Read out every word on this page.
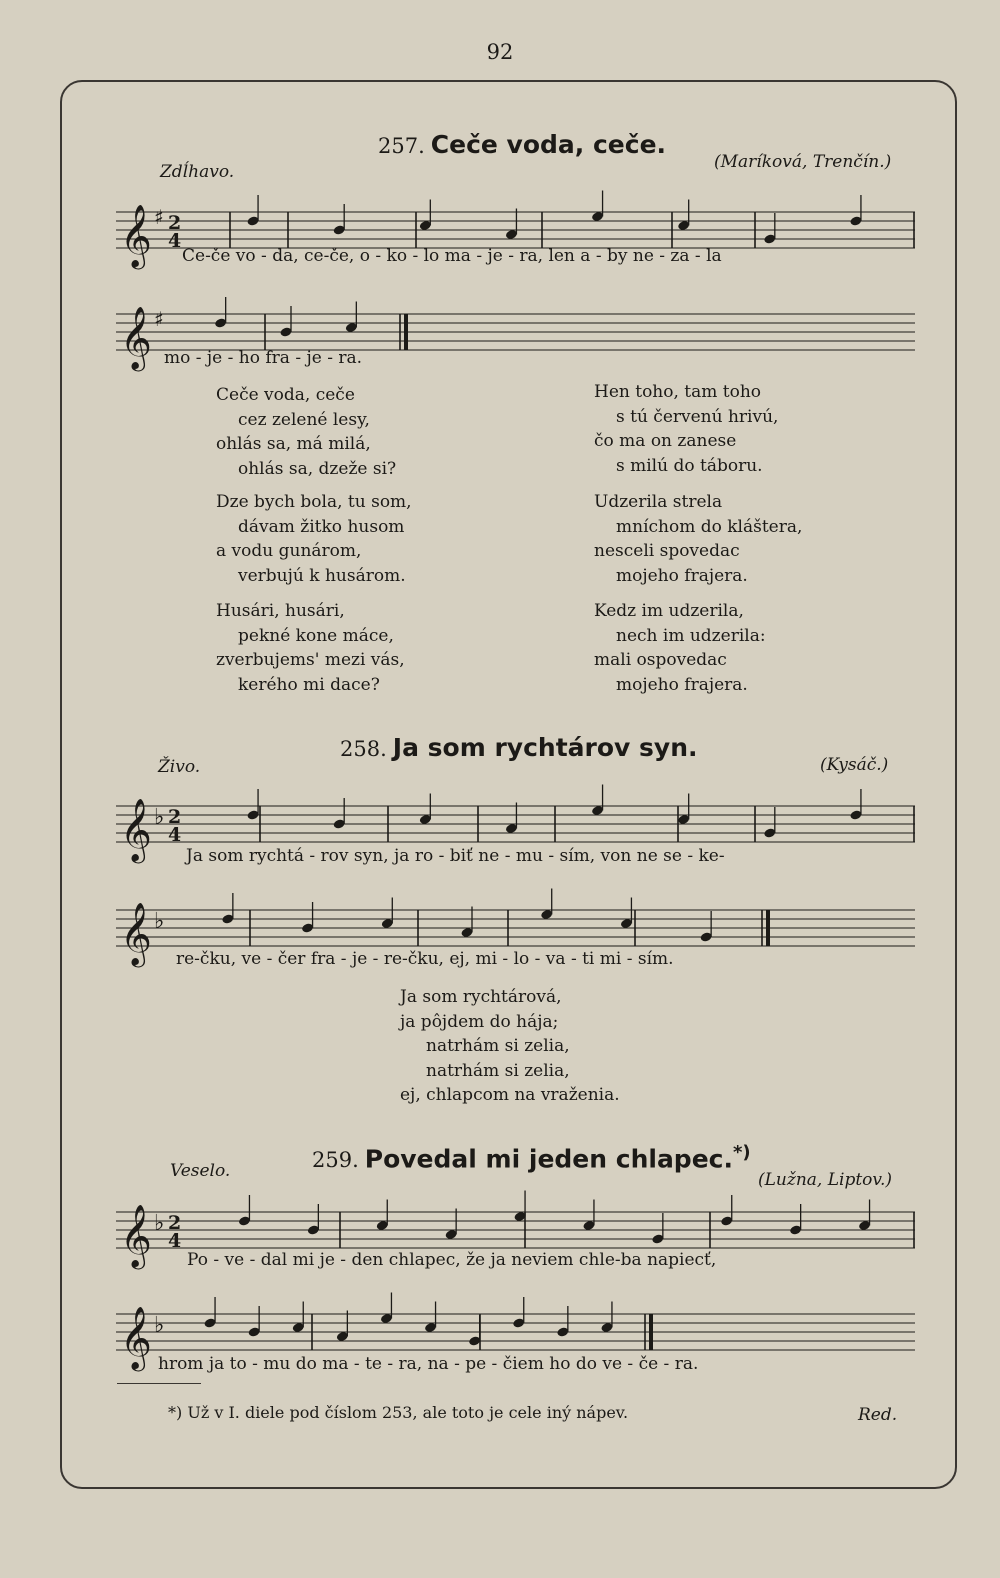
92
257. Ceče voda, ceče.
Zdĺhavo.	(Maríková, Trenčín.)
𝄞 ♯ 2
4
Ce-če vo - da, ce-če, o - ko - lo ma - je - ra, len a - by ne - za - la
𝄞 ♯
mo - je - ho fra - je - ra.
Ceče voda, ceče
cez zelené lesy,
ohlás sa, má milá,
ohlás sa, dzeže si?
Dze bych bola, tu som,
dávam žitko husom
a vodu gunárom,
verbujú k husárom.
Husári, husári,
pekné kone máce,
zverbujems' mezi vás,
kerého mi dace?
Hen toho, tam toho
s tú červenú hrivú,
čo ma on zanese
s milú do táboru.
Udzerila strela
mníchom do kláštera,
nesceli spovedac
mojeho frajera.
Kedz im udzerila,
nech im udzerila:
mali ospovedac
mojeho frajera.
258. Ja som rychtárov syn.
Živo.	(Kysáč.)
𝄞 ♭ 2
4
Ja som rychtá - rov syn, ja ro - biť ne - mu - sím, von ne se - ke-
𝄞 ♭
re-čku, ve - čer fra - je - re-čku, ej, mi - lo - va - ti mi - sím.
Ja som rychtárová,
ja pôjdem do hája;
natrhám si zelia,
natrhám si zelia,
ej, chlapcom na vraženia.
259. Povedal mi jeden chlapec.*)
Veselo.	(Lužna, Liptov.)
𝄞 ♭ 2
4
Po - ve - dal mi je - den chlapec, že ja neviem chle-ba napiecť,
𝄞 ♭
hrom ja to - mu do ma - te - ra, na - pe - čiem ho do ve - če - ra.
*) Už v I. diele pod číslom 253, ale toto je cele iný nápev.	Red.
